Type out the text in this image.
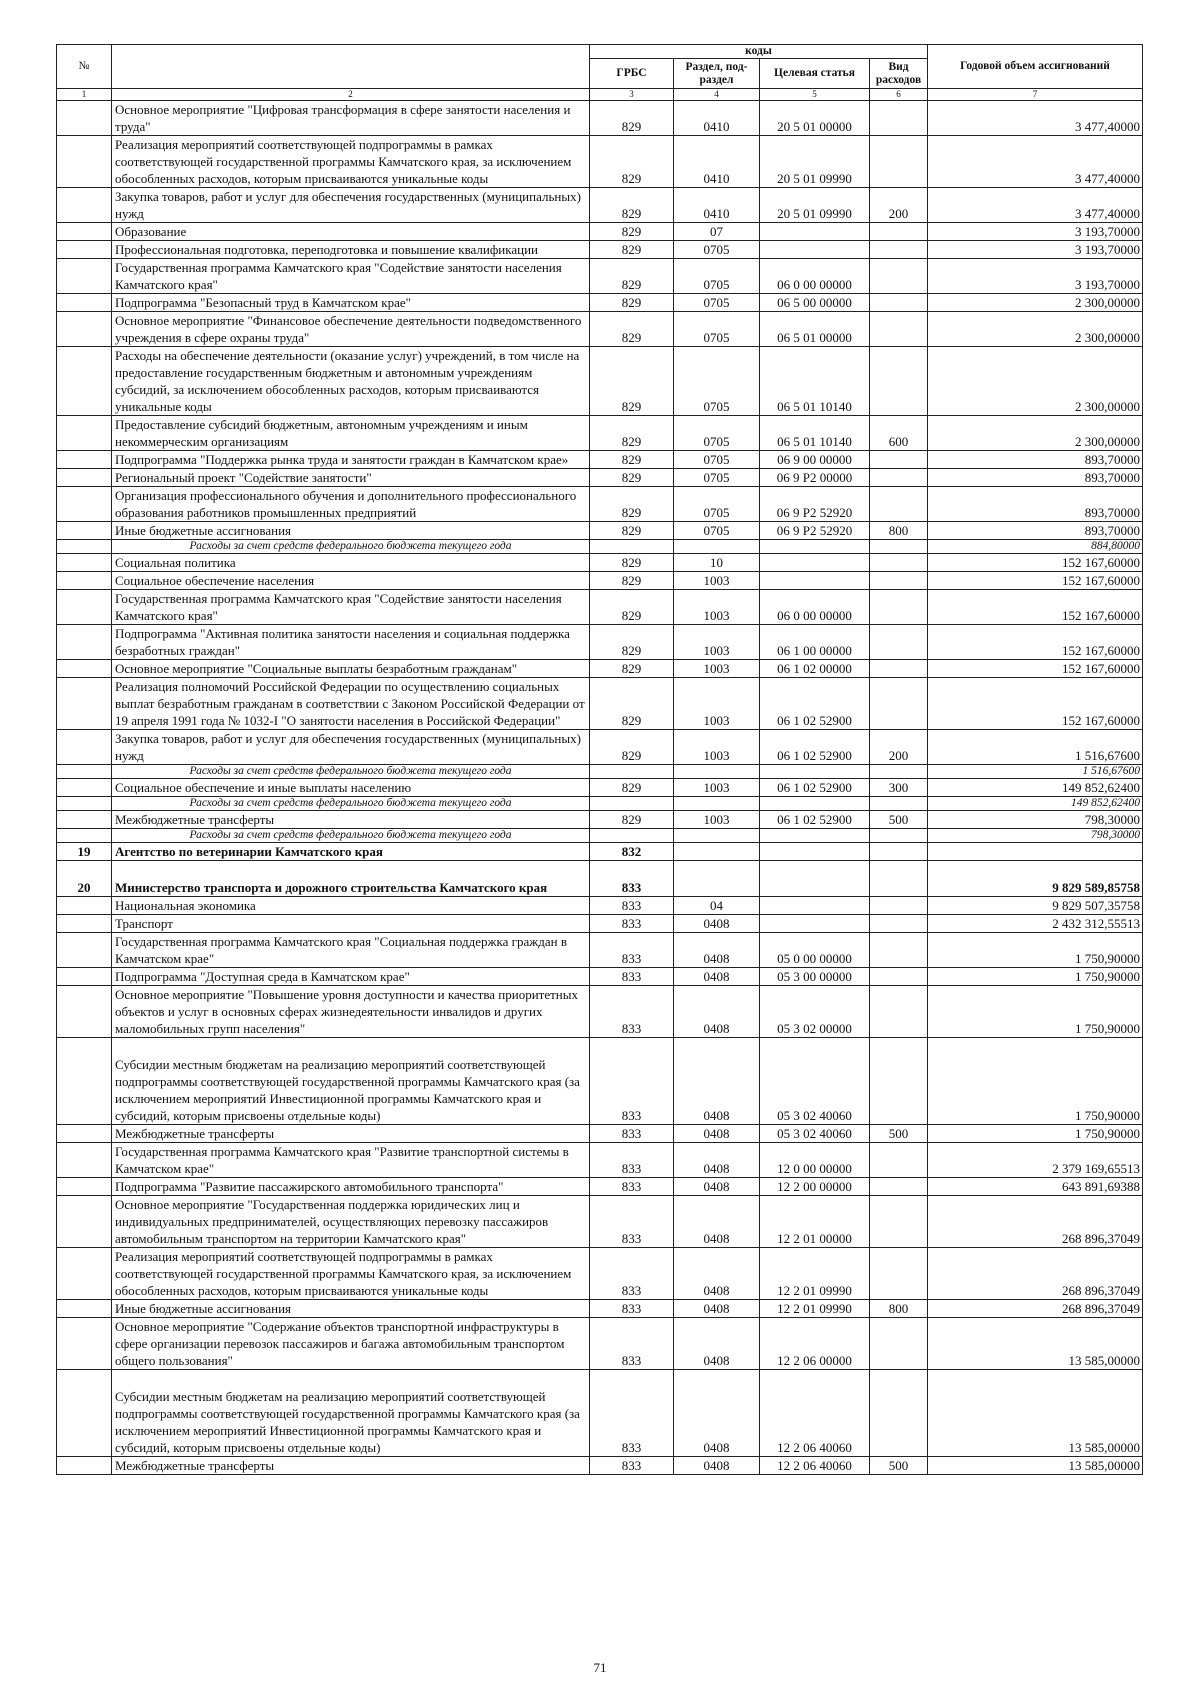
№		коды				Годовой объем ассигнований
		ГРБС	Раздел, под-раздел	Целевая статья	Вид расходов	
1	2	3	4	5	6	7
	Основное мероприятие "Цифровая трансформация в сфере занятости населения и труда"	829	0410	20 5 01 00000		3 477,40000
	Реализация мероприятий соответствующей подпрограммы в рамках соответствующей государственной программы Камчатского края, за исключением обособленных расходов, которым присваиваются уникальные коды	829	0410	20 5 01 09990		3 477,40000
	Закупка товаров, работ и услуг для обеспечения государственных (муниципальных) нужд	829	0410	20 5 01 09990	200	3 477,40000
	Образование	829	07			3 193,70000
	Профессиональная подготовка, переподготовка и повышение квалификации	829	0705			3 193,70000
	Государственная программа Камчатского края "Содействие занятости населения Камчатского края"	829	0705	06 0 00 00000		3 193,70000
	Подпрограмма "Безопасный труд в Камчатском крае"	829	0705	06 5 00 00000		2 300,00000
	Основное мероприятие "Финансовое обеспечение деятельности подведомственного учреждения в сфере охраны труда"	829	0705	06 5 01 00000		2 300,00000
	Расходы на обеспечение деятельности (оказание услуг) учреждений, в том числе на предоставление государственным бюджетным и автономным учреждениям субсидий, за исключением обособленных расходов, которым присваиваются уникальные коды	829	0705	06 5 01 10140		2 300,00000
	Предоставление субсидий бюджетным, автономным учреждениям и иным некоммерческим организациям	829	0705	06 5 01 10140	600	2 300,00000
	Подпрограмма "Поддержка рынка труда и занятости граждан в Камчатском крае»	829	0705	06 9 00 00000		893,70000
	Региональный проект "Содействие занятости"	829	0705	06 9 P2 00000		893,70000
	Организация профессионального обучения и дополнительного профессионального образования работников промышленных предприятий	829	0705	06 9 P2 52920		893,70000
	Иные бюджетные ассигнования	829	0705	06 9 P2 52920	800	893,70000
	Расходы за счет средств федерального бюджета текущего года					884,80000
	Социальная политика	829	10			152 167,60000
	Социальное обеспечение населения	829	1003			152 167,60000
	Государственная программа Камчатского края "Содействие занятости населения Камчатского края"	829	1003	06 0 00 00000		152 167,60000
	Подпрограмма "Активная политика занятости населения и социальная поддержка безработных граждан"	829	1003	06 1 00 00000		152 167,60000
	Основное мероприятие "Социальные выплаты безработным гражданам"	829	1003	06 1 02 00000		152 167,60000
	Реализация полномочий Российской Федерации по осуществлению социальных выплат безработным гражданам в соответствии с Законом Российской Федерации от 19 апреля 1991 года № 1032-I "О занятости населения в Российской Федерации"	829	1003	06 1 02 52900		152 167,60000
	Закупка товаров, работ и услуг для обеспечения государственных (муниципальных) нужд	829	1003	06 1 02 52900	200	1 516,67600
	Расходы за счет средств федерального бюджета текущего года					1 516,67600
	Социальное обеспечение и иные выплаты населению	829	1003	06 1 02 52900	300	149 852,62400
	Расходы за счет средств федерального бюджета текущего года					149 852,62400
	Межбюджетные трансферты	829	1003	06 1 02 52900	500	798,30000
	Расходы за счет средств федерального бюджета текущего года					798,30000
19	Агентство по ветеринарии Камчатского края	832				
20	Министерство транспорта и дорожного строительства Камчатского края	833				9 829 589,85758
	Национальная экономика	833	04			9 829 507,35758
	Транспорт	833	0408			2 432 312,55513
	Государственная программа Камчатского края "Социальная поддержка граждан в Камчатском крае"	833	0408	05 0 00 00000		1 750,90000
	Подпрограмма "Доступная среда в Камчатском крае"	833	0408	05 3 00 00000		1 750,90000
	Основное мероприятие "Повышение уровня доступности и качества приоритетных объектов и услуг в основных сферах жизнедеятельности инвалидов и других маломобильных групп населения"	833	0408	05 3 02 00000		1 750,90000
	Субсидии местным бюджетам на реализацию мероприятий соответствующей подпрограммы соответствующей государственной программы Камчатского края (за исключением мероприятий Инвестиционной программы Камчатского края и субсидий, которым присвоены отдельные коды)	833	0408	05 3 02 40060		1 750,90000
	Межбюджетные трансферты	833	0408	05 3 02 40060	500	1 750,90000
	Государственная программа Камчатского края "Развитие транспортной системы в Камчатском крае"	833	0408	12 0 00 00000		2 379 169,65513
	Подпрограмма "Развитие пассажирского автомобильного транспорта"	833	0408	12 2 00 00000		643 891,69388
	Основное мероприятие "Государственная поддержка юридических лиц и индивидуальных предпринимателей, осуществляющих перевозку пассажиров автомобильным транспортом на территории Камчатского края"	833	0408	12 2 01 00000		268 896,37049
	Реализация мероприятий соответствующей подпрограммы в рамках соответствующей государственной программы Камчатского края, за исключением обособленных расходов, которым присваиваются уникальные коды	833	0408	12 2 01 09990		268 896,37049
	Иные бюджетные ассигнования	833	0408	12 2 01 09990	800	268 896,37049
	Основное мероприятие "Содержание объектов транспортной инфраструктуры в сфере организации перевозок пассажиров и багажа автомобильным транспортом общего пользования"	833	0408	12 2 06 00000		13 585,00000
	Субсидии местным бюджетам на реализацию мероприятий соответствующей подпрограммы соответствующей государственной программы Камчатского края (за исключением мероприятий Инвестиционной программы Камчатского края и субсидий, которым присвоены отдельные коды)	833	0408	12 2 06 40060		13 585,00000
	Межбюджетные трансферты	833	0408	12 2 06 40060	500	13 585,00000
71
